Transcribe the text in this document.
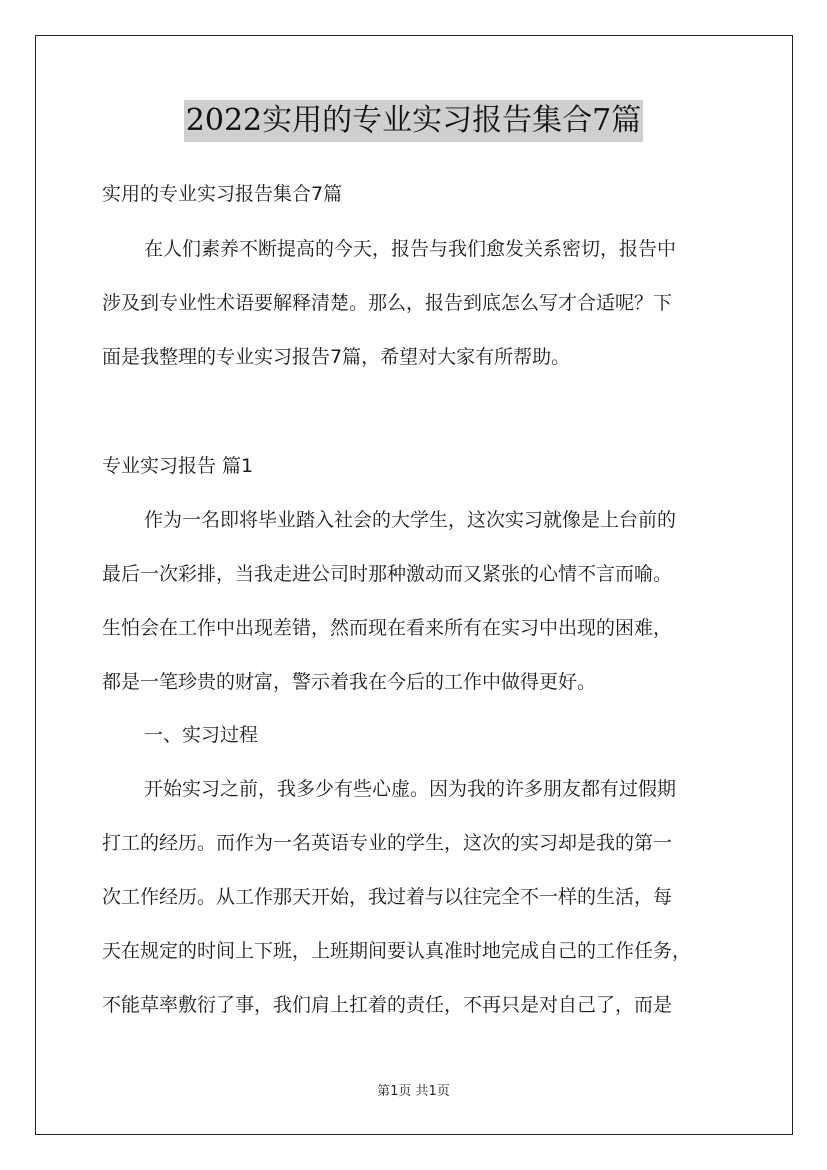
2022实用的专业实习报告集合7篇
实用的专业实习报告集合7篇
在人们素养不断提高的今天，报告与我们愈发关系密切，报告中
涉及到专业性术语要解释清楚。那么，报告到底怎么写才合适呢？下
面是我整理的专业实习报告7篇，希望对大家有所帮助。
专业实习报告 篇1
作为一名即将毕业踏入社会的大学生，这次实习就像是上台前的
最后一次彩排，当我走进公司时那种激动而又紧张的心情不言而喻。
生怕会在工作中出现差错，然而现在看来所有在实习中出现的困难，
都是一笔珍贵的财富，警示着我在今后的工作中做得更好。
一、实习过程
开始实习之前，我多少有些心虚。因为我的许多朋友都有过假期
打工的经历。而作为一名英语专业的学生，这次的实习却是我的第一
次工作经历。从工作那天开始，我过着与以往完全不一样的生活，每
天在规定的时间上下班，上班期间要认真准时地完成自己的工作任务，
不能草率敷衍了事，我们肩上扛着的责任，不再只是对自己了，而是
第1页 共1页
